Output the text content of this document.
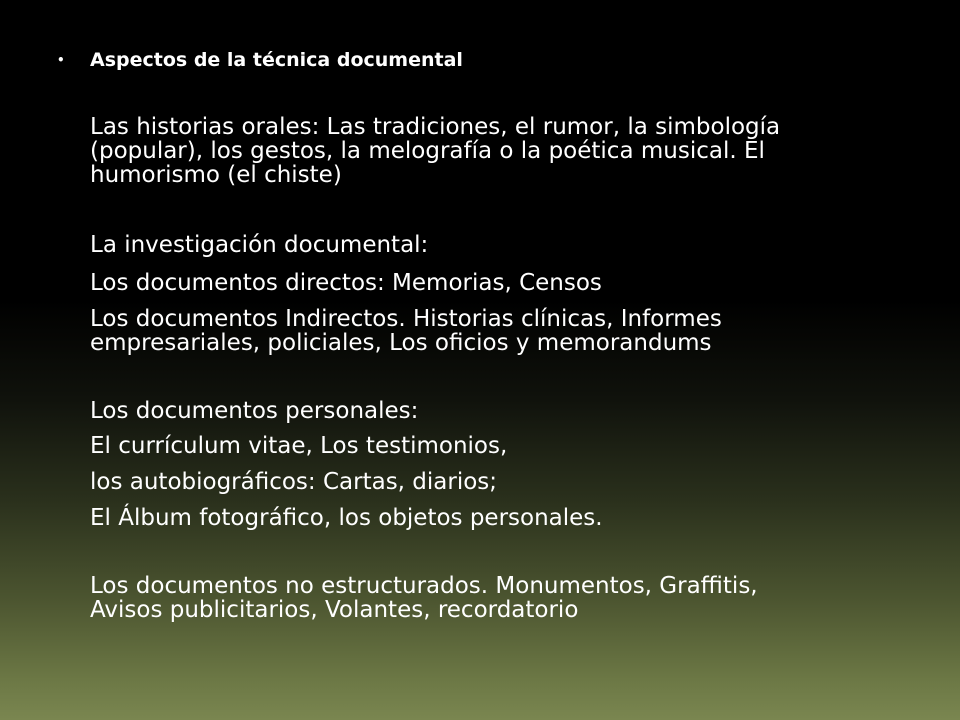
• Aspectos de la técnica documental
Las historias orales: Las tradiciones, el rumor, la simbología
(popular), los gestos, la melografía o la poética musical. El
humorismo (el chiste)
La investigación documental:
Los documentos directos: Memorias, Censos
Los documentos Indirectos. Historias clínicas, Informes
empresariales, policiales, Los oficios y memorandums
Los documentos personales:
El currículum vitae, Los testimonios,
los autobiográficos: Cartas, diarios;
El Álbum fotográfico, los objetos personales.
Los documentos no estructurados. Monumentos, Graffitis,
Avisos publicitarios, Volantes, recordatorio
